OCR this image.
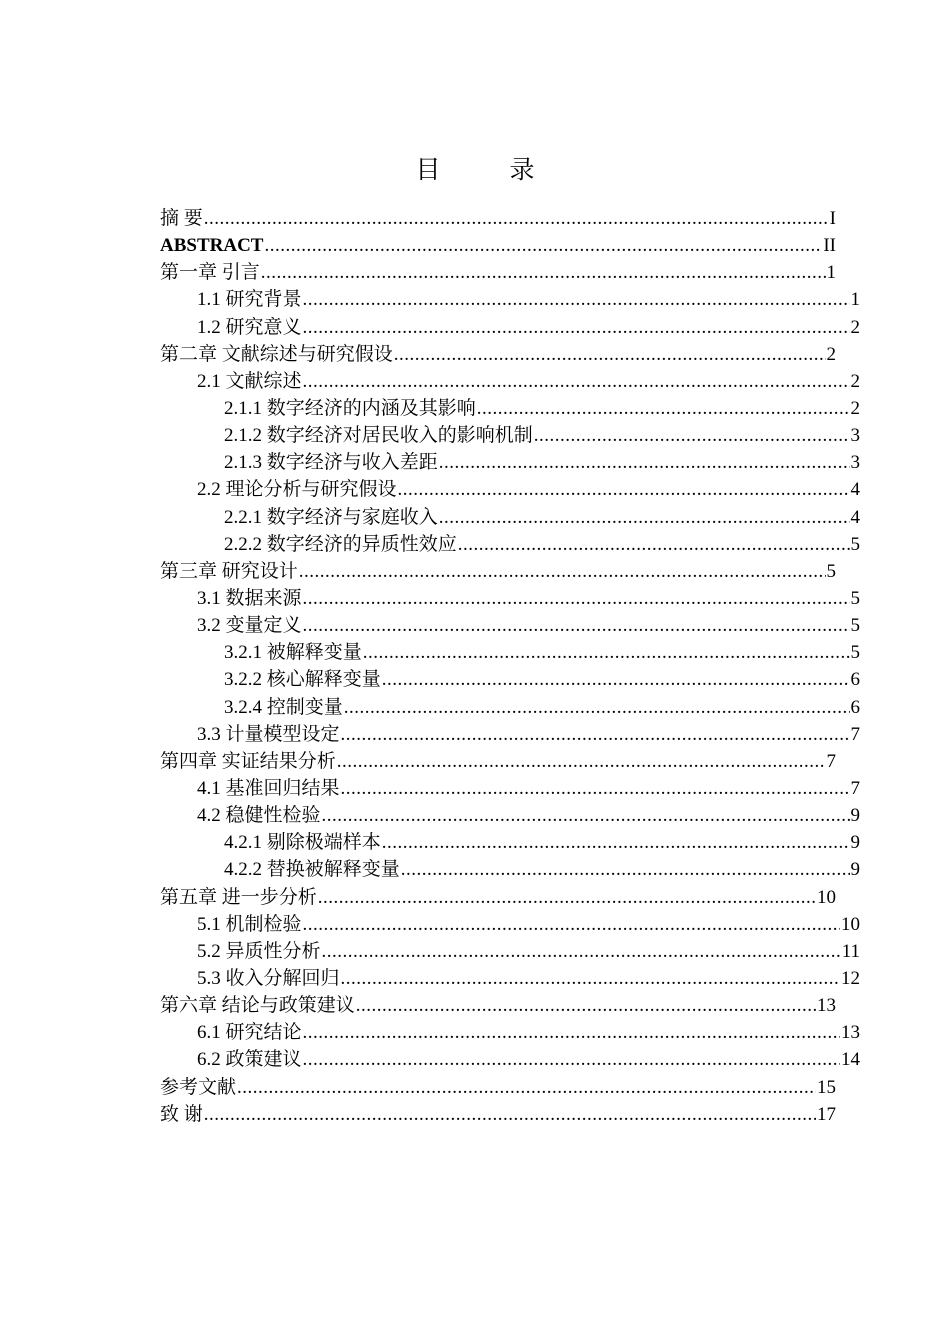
目　录
摘 要 .....	I
ABSTRACT .....	II
第一章 引言 .....	1
1.1 研究背景 .....	1
1.2 研究意义 .....	2
第二章 文献综述与研究假设 .....	2
2.1 文献综述 .....	2
2.1.1 数字经济的内涵及其影响 .....	2
2.1.2 数字经济对居民收入的影响机制 .....	3
2.1.3 数字经济与收入差距 .....	3
2.2 理论分析与研究假设 .....	4
2.2.1 数字经济与家庭收入 .....	4
2.2.2 数字经济的异质性效应 .....	5
第三章 研究设计 .....	5
3.1 数据来源 .....	5
3.2 变量定义 .....	5
3.2.1 被解释变量 .....	5
3.2.2 核心解释变量 .....	6
3.2.4 控制变量 .....	6
3.3 计量模型设定 .....	7
第四章 实证结果分析 .....	7
4.1 基准回归结果 .....	7
4.2 稳健性检验 .....	9
4.2.1 剔除极端样本 .....	9
4.2.2 替换被解释变量 .....	9
第五章 进一步分析 .....	10
5.1 机制检验 .....	10
5.2 异质性分析 .....	11
5.3 收入分解回归 .....	12
第六章 结论与政策建议 .....	13
6.1 研究结论 .....	13
6.2 政策建议 .....	14
参考文献 .....	15
致 谢 .....	17
